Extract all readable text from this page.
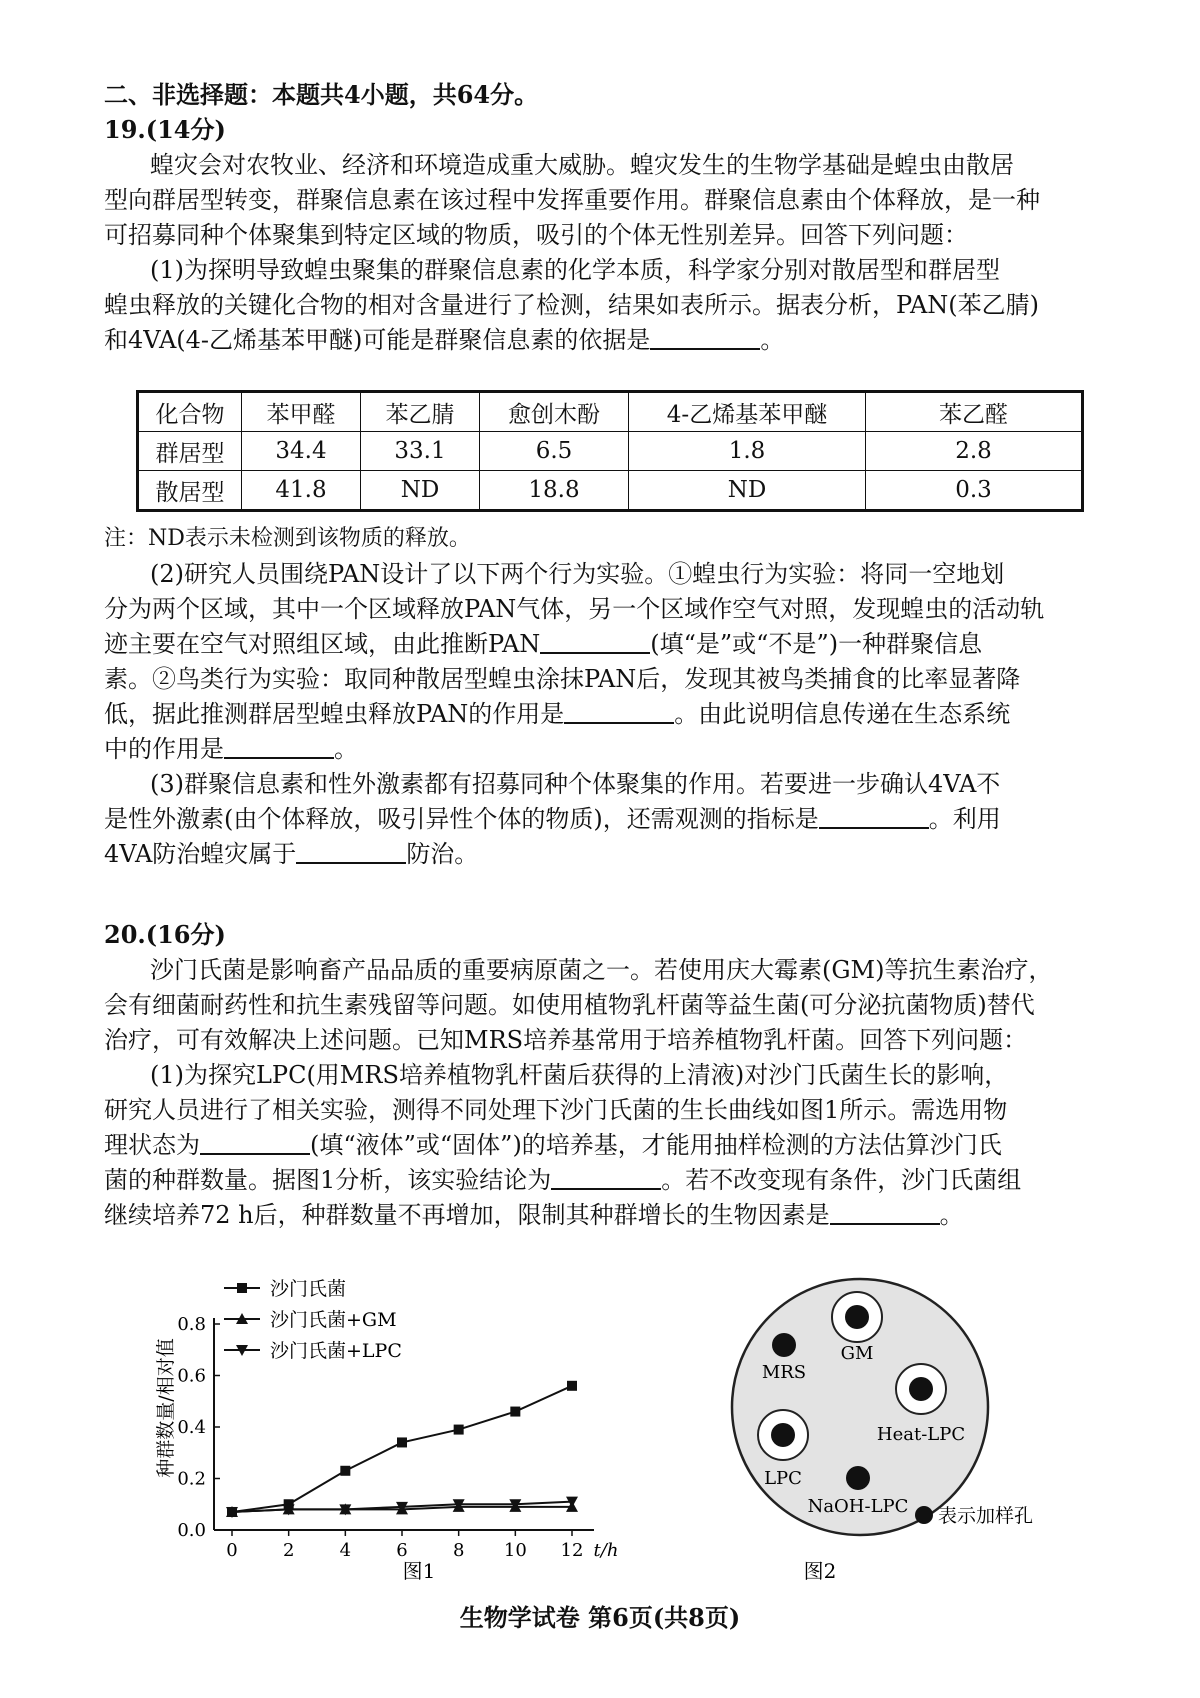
二、非选择题：本题共4小题，共64分。
19.(14分)
蝗灾会对农牧业、经济和环境造成重大威胁。蝗灾发生的生物学基础是蝗虫由散居
型向群居型转变，群聚信息素在该过程中发挥重要作用。群聚信息素由个体释放，是一种
可招募同种个体聚集到特定区域的物质，吸引的个体无性别差异。回答下列问题：
(1)为探明导致蝗虫聚集的群聚信息素的化学本质，科学家分别对散居型和群居型
蝗虫释放的关键化合物的相对含量进行了检测，结果如表所示。据表分析，PAN(苯乙腈)
和4VA(4-乙烯基苯甲醚)可能是群聚信息素的依据是	。
化合物	苯甲醛	苯乙腈	愈创木酚	4-乙烯基苯甲醚	苯乙醛
群居型	34.4	33.1	6.5	1.8	2.8
散居型	41.8	ND	18.8	ND	0.3
注：ND表示未检测到该物质的释放。
(2)研究人员围绕PAN设计了以下两个行为实验。①蝗虫行为实验：将同一空地划
分为两个区域，其中一个区域释放PAN气体，另一个区域作空气对照，发现蝗虫的活动轨
迹主要在空气对照组区域，由此推断PAN	(填“是”或“不是”)一种群聚信息
素。②鸟类行为实验：取同种散居型蝗虫涂抹PAN后，发现其被鸟类捕食的比率显著降
低，据此推测群居型蝗虫释放PAN的作用是	。由此说明信息传递在生态系统
中的作用是	。
(3)群聚信息素和性外激素都有招募同种个体聚集的作用。若要进一步确认4VA不
是性外激素(由个体释放，吸引异性个体的物质)，还需观测的指标是	。利用
4VA防治蝗灾属于	防治。
20.(16分)
沙门氏菌是影响畜产品品质的重要病原菌之一。若使用庆大霉素(GM)等抗生素治疗，
会有细菌耐药性和抗生素残留等问题。如使用植物乳杆菌等益生菌(可分泌抗菌物质)替代
治疗，可有效解决上述问题。已知MRS培养基常用于培养植物乳杆菌。回答下列问题：
(1)为探究LPC(用MRS培养植物乳杆菌后获得的上清液)对沙门氏菌生长的影响，
研究人员进行了相关实验，测得不同处理下沙门氏菌的生长曲线如图1所示。需选用物
理状态为	(填“液体”或“固体”)的培养基，才能用抽样检测的方法估算沙门氏
菌的种群数量。据图1分析，该实验结论为	。若不改变现有条件，沙门氏菌组
继续培养72 h后，种群数量不再增加，限制其种群增长的生物因素是	。
种群数量/相对值
0.0
0.2
0.4
0.6
0.8
0	2	4	6	8 10 12 t/h
沙门氏菌
沙门氏菌+GM
沙门氏菌+LPC
图1
GM
MRS
Heat-LPC
LPC
NaOH-LPC 表示加样孔
图2
生物学试卷 第6页(共8页)
